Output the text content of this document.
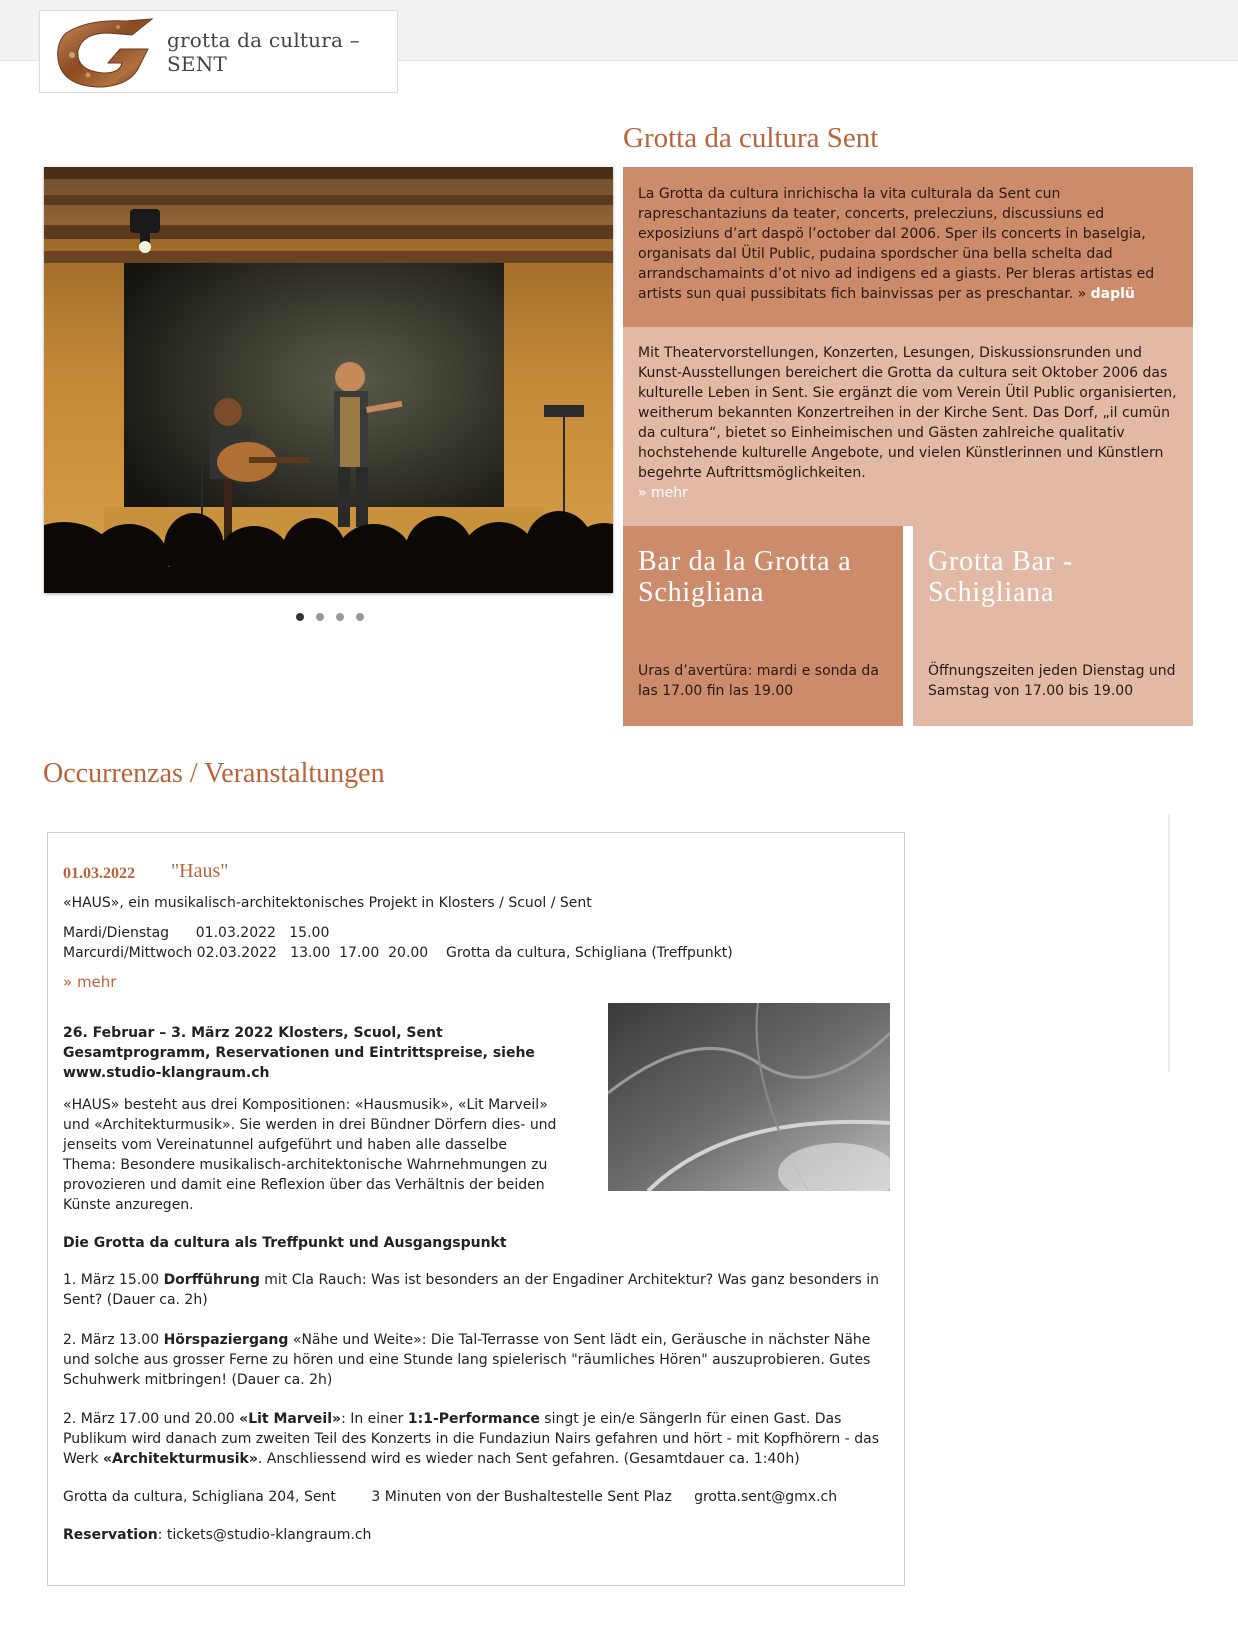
grotta da cultura – SENT
Grotta da cultura Sent
La Grotta da cultura inrichischa la vita culturala da Sent cun rapreschantaziuns da teater, concerts, prelecziuns, discussiuns ed exposiziuns d’art daspö l’october dal 2006. Sper ils concerts in baselgia, organisats dal Ütil Public, pudaina spordscher üna bella schelta dad arrandschamaints d’ot nivo ad indigens ed a giasts. Per bleras artistas ed artists sun quai pussibitats fich bainvissas per as preschantar. » daplü
Mit Theatervorstellungen, Konzerten, Lesungen, Diskussionsrunden und Kunst-Ausstellungen bereichert die Grotta da cultura seit Oktober 2006 das kulturelle Leben in Sent. Sie ergänzt die vom Verein Ütil Public organisierten, weitherum bekannten Konzertreihen in der Kirche Sent. Das Dorf, „il cumün da cultura“, bietet so Einheimischen und Gästen zahlreiche qualitativ hochstehende kulturelle Angebote, und vielen Künstlerinnen und Künstlern begehrte Auftrittsmöglichkeiten.
» mehr
Bar da la Grotta a Schigliana

Uras d’avertüra: mardi e sonda da las 17.00 fin las 19.00

Grotta Bar - Schigliana

Öffnungszeiten jeden Dienstag und Samstag von 17.00 bis 19.00

Occurrenzas / Veranstaltungen
01.03.2022 "Haus"
«HAUS», ein musikalisch-architektonisches Projekt in Klosters / Scuol / Sent
Mardi/Dienstag      01.03.2022   15.00
Marcurdi/Mittwoch 02.03.2022   13.00  17.00  20.00    Grotta da cultura, Schigliana (Treffpunkt)
» mehr
26. Februar – 3. März 2022 Klosters, Scuol, Sent Gesamtprogramm, Reservationen und Eintrittspreise, siehe www.studio-klangraum.ch
«HAUS» besteht aus drei Kompositionen: «Hausmusik», «Lit Marveil» und «Architekturmusik». Sie werden in drei Bündner Dörfern dies- und jenseits vom Vereinatunnel aufgeführt und haben alle dasselbe Thema: Besondere musikalisch-architektonische Wahrnehmungen zu provozieren und damit eine Reflexion über das Verhältnis der beiden Künste anzuregen.
Die Grotta da cultura als Treffpunkt und Ausgangspunkt
1. März 15.00 Dorfführung mit Cla Rauch: Was ist besonders an der Engadiner Architektur? Was ganz besonders in Sent? (Dauer ca. 2h)
2. März 13.00 Hörspaziergang «Nähe und Weite»: Die Tal-Terrasse von Sent lädt ein, Geräusche in nächster Nähe und solche aus grosser Ferne zu hören und eine Stunde lang spielerisch "räumliches Hören" auszuprobieren. Gutes Schuhwerk mitbringen! (Dauer ca. 2h)
2. März 17.00 und 20.00 «Lit Marveil»: In einer 1:1-Performance singt je ein/e SängerIn für einen Gast. Das Publikum wird danach zum zweiten Teil des Konzerts in die Fundaziun Nairs gefahren und hört - mit Kopfhörern - das Werk «Architekturmusik». Anschliessend wird es wieder nach Sent gefahren. (Gesamtdauer ca. 1:40h)
Grotta da cultura, Schigliana 204, Sent        3 Minuten von der Bushaltestelle Sent Plaz     grotta.sent@gmx.ch
Reservation: tickets@studio-klangraum.ch
